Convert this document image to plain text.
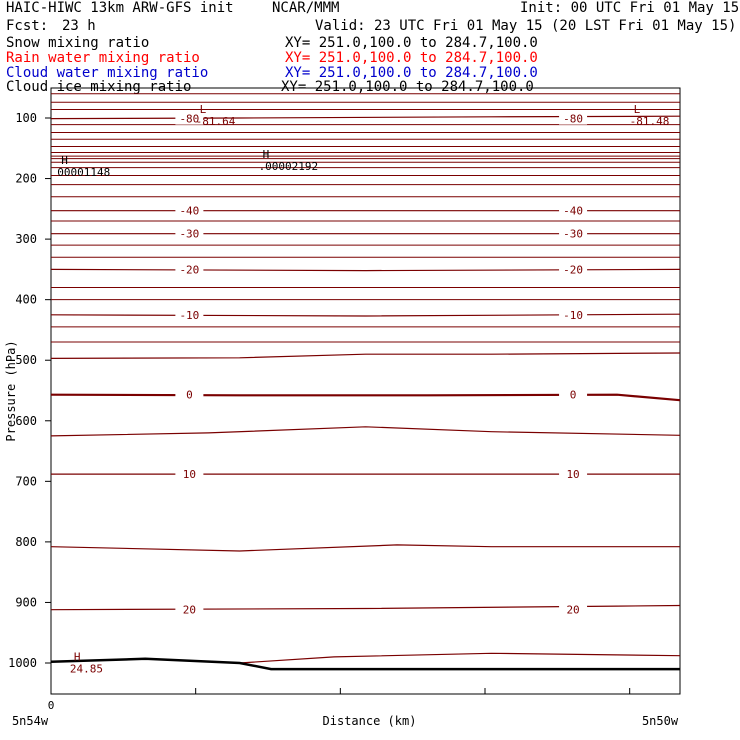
HAIC-HIWC 13km ARW-GFS init	NCAR/MMM	Init: 00 UTC Fri 01 May 15
Fcst: 23 h	Valid: 23 UTC Fri 01 May 15 (20 LST Fri 01 May 15)
Snow mixing ratio	XY= 251.0,100.0 to 284.7,100.0
Rain water mixing ratio	XY= 251.0,100.0 to 284.7,100.0
Cloud water mixing ratio	XY= 251.0,100.0 to 284.7,100.0
Cloud ice mixing ratio	XY= 251.0,100.0 to 284.7,100.0
-80	-80
-40	-40
-30	-30
-20	-20
-10	-10
0	0
10	10
20	20
L
-81.64
L
-81.48
H
00001148
H
.00002192
H
24.85
100
200
300
400
500
600
700
800
900
1000
Pressure (hPa)
0
5n54w	Distance (km)	5n50w
